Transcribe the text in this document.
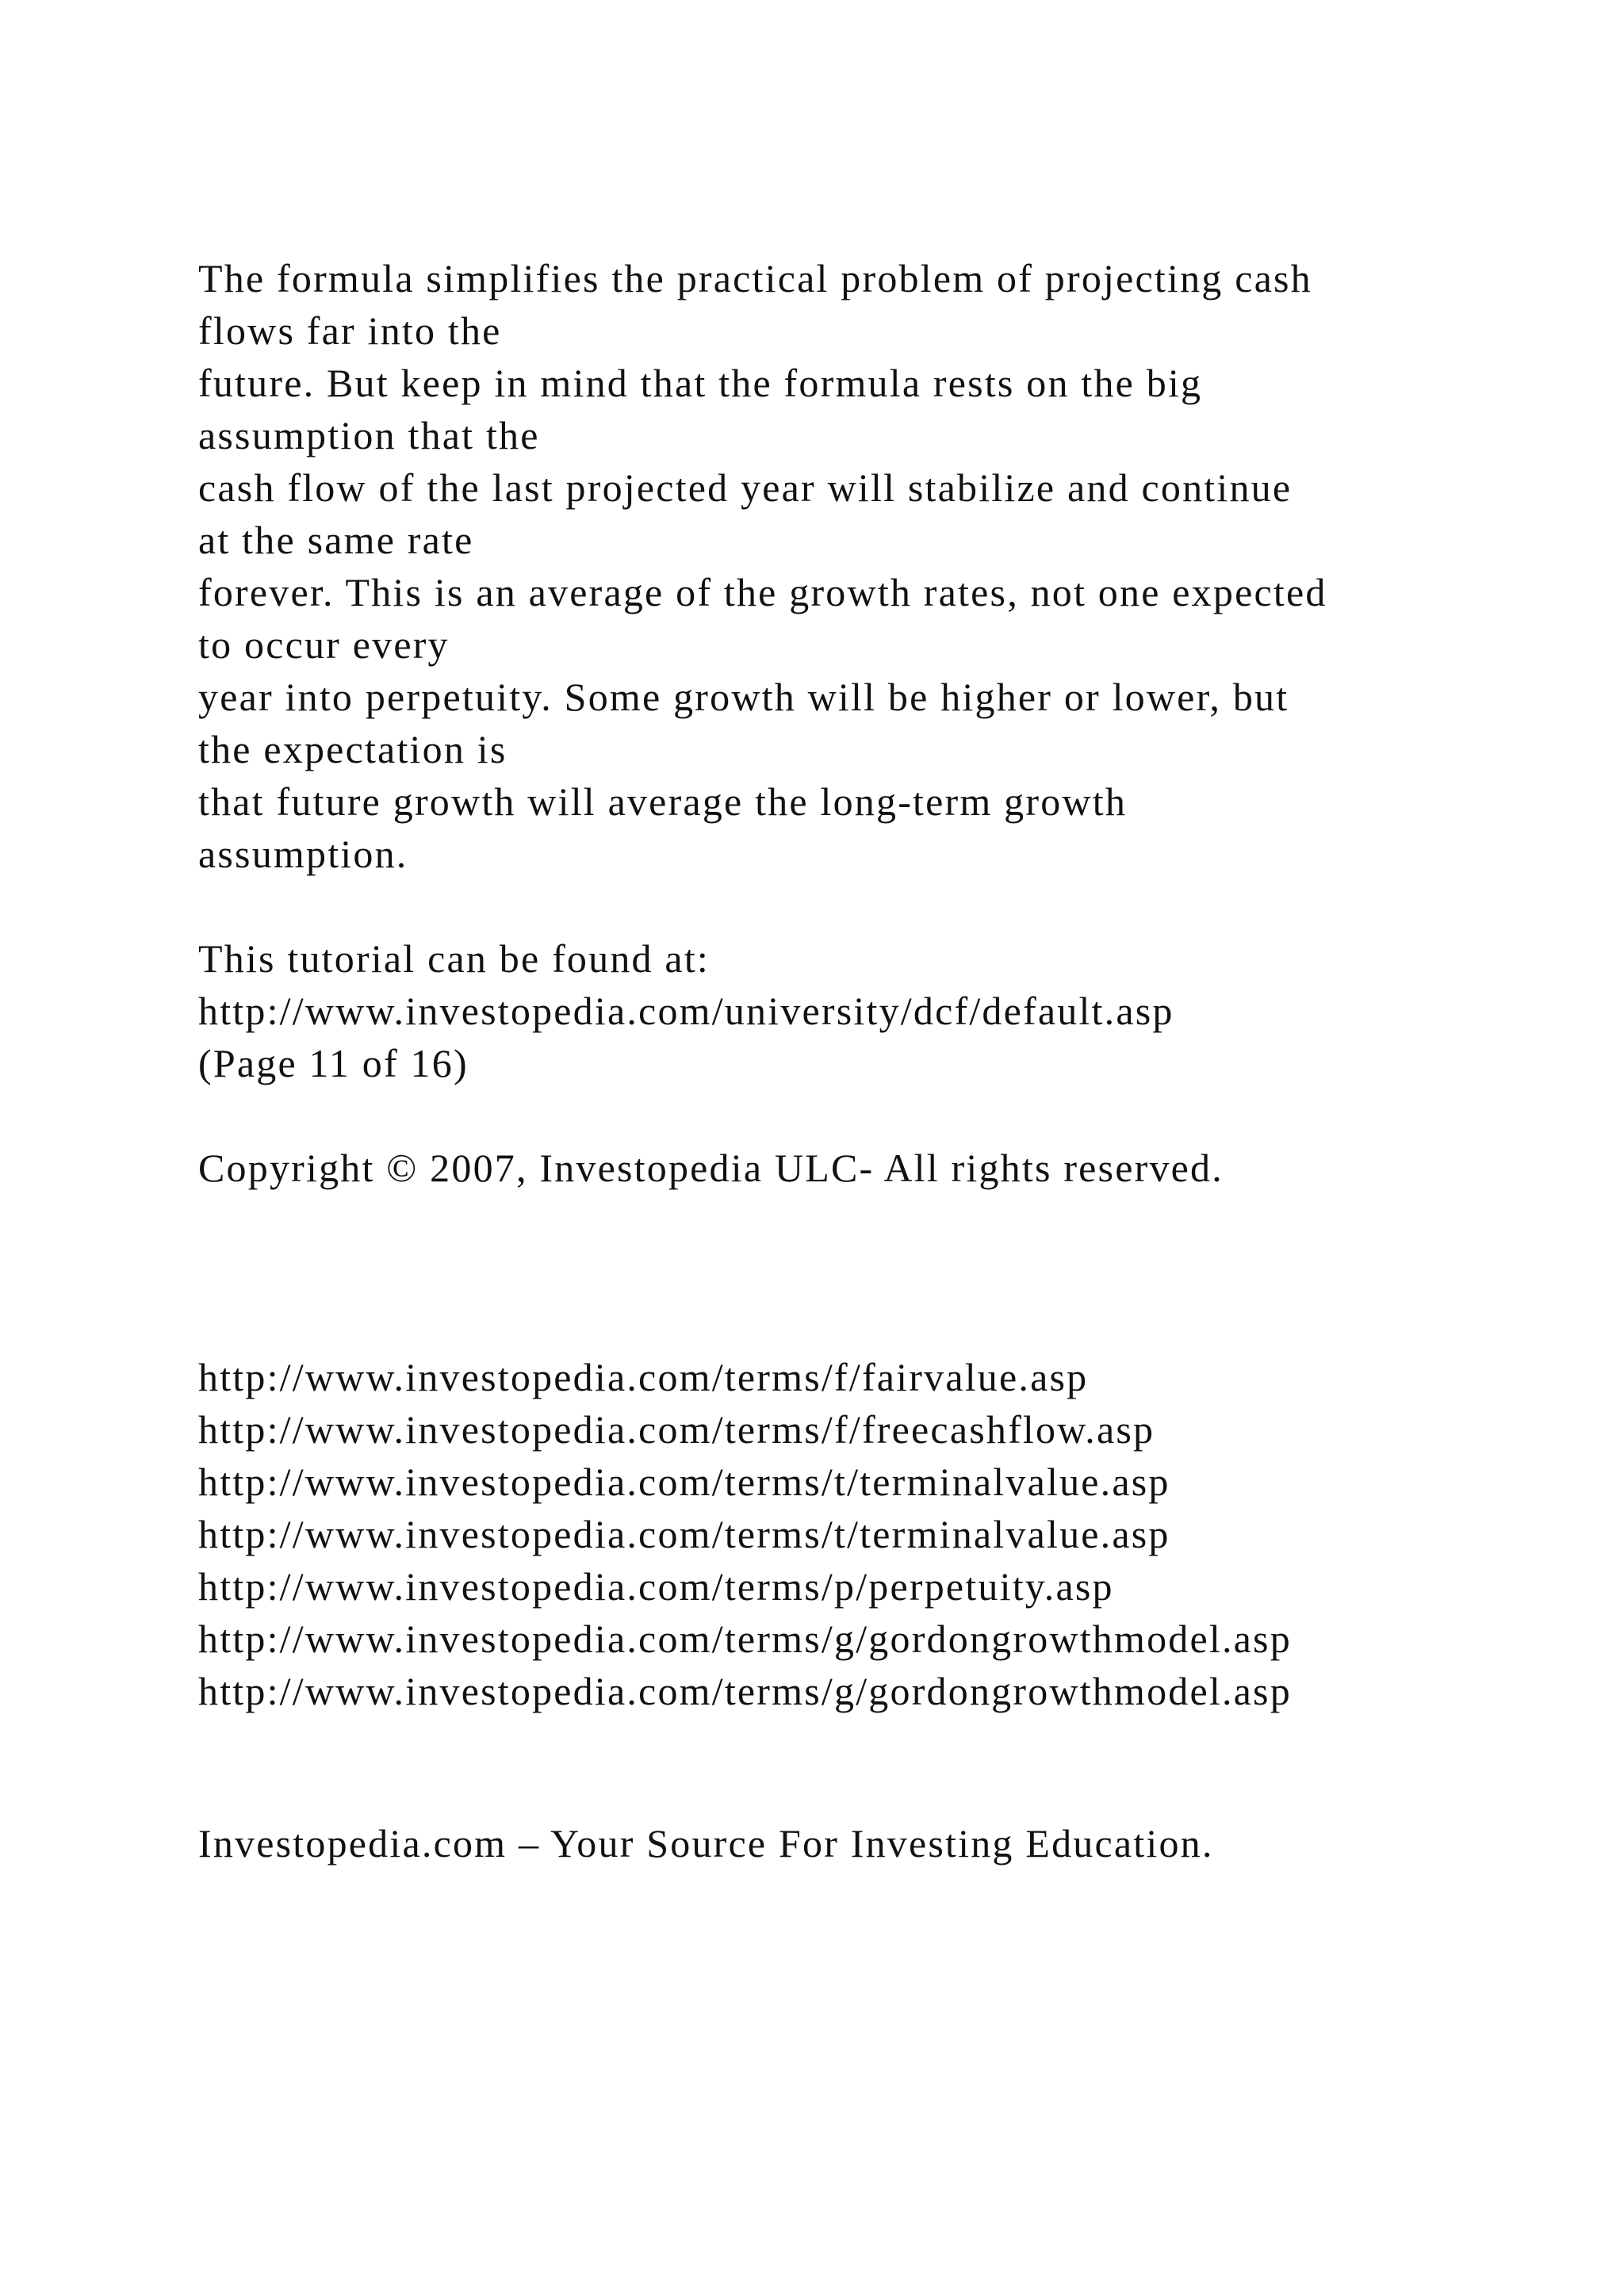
The formula simplifies the practical problem of projecting cash

flows far into the

future. But keep in mind that the formula rests on the big

assumption that the

cash flow of the last projected year will stabilize and continue

at the same rate

forever. This is an average of the growth rates, not one expected

to occur every

year into perpetuity. Some growth will be higher or lower, but

the expectation is

that future growth will average the long-term growth

assumption.

This tutorial can be found at:

http://www.investopedia.com/university/dcf/default.asp

(Page 11 of 16)

Copyright © 2007, Investopedia ULC- All rights reserved.

http://www.investopedia.com/terms/f/fairvalue.asp

http://www.investopedia.com/terms/f/freecashflow.asp

http://www.investopedia.com/terms/t/terminalvalue.asp

http://www.investopedia.com/terms/t/terminalvalue.asp

http://www.investopedia.com/terms/p/perpetuity.asp

http://www.investopedia.com/terms/g/gordongrowthmodel.asp

http://www.investopedia.com/terms/g/gordongrowthmodel.asp

Investopedia.com – Your Source For Investing Education.
